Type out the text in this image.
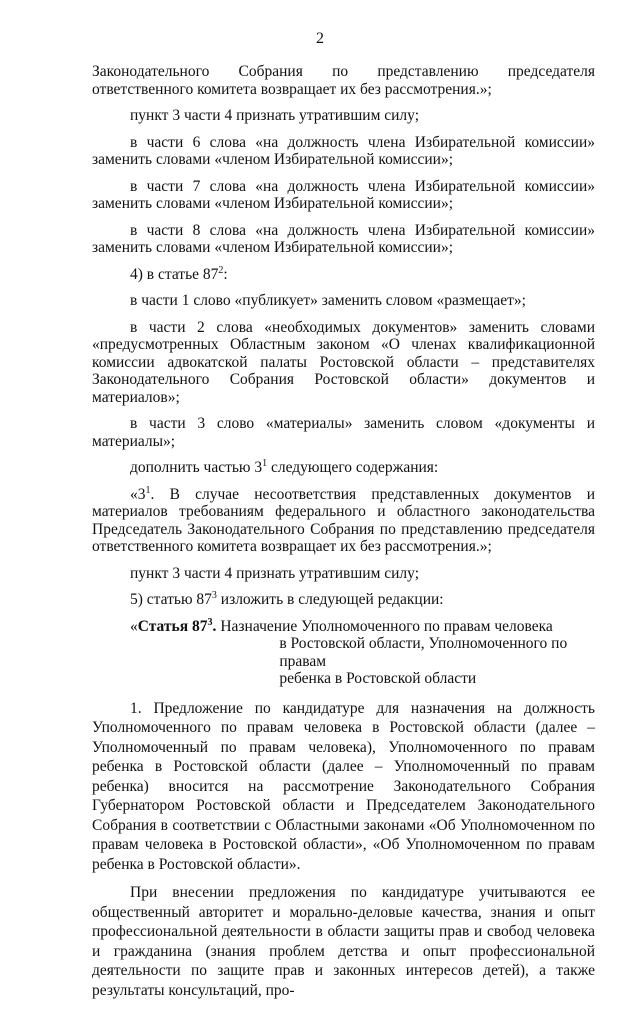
2

Законодательного Собрания по представлению председателя ответственного комитета возвращает их без рассмотрения.»;

пункт 3 части 4 признать утратившим силу;

в части 6 слова «на должность члена Избирательной комиссии» заменить словами «членом Избирательной комиссии»;

в части 7 слова «на должность члена Избирательной комиссии» заменить словами «членом Избирательной комиссии»;

в части 8 слова «на должность члена Избирательной комиссии» заменить словами «членом Избирательной комиссии»;

4) в статье $87^2$:

в части 1 слово «публикует» заменить словом «размещает»;

в части 2 слова «необходимых документов» заменить словами «предусмотренных Областным законом «О членах квалификационной комиссии адвокатской палаты Ростовской области – представителях Законодательного Собрания Ростовской области» документов и материалов»;

в части 3 слово «материалы» заменить словом «документы и материалы»;

дополнить частью $3^1$ следующего содержания:

«$3^1$. В случае несоответствия представленных документов и материалов требованиям федерального и областного законодательства Председатель Законодательного Собрания по представлению председателя ответственного комитета возвращает их без рассмотрения.»;

пункт 3 части 4 признать утратившим силу;

5) статью $87^3$ изложить в следующей редакции:

«Статья $87^3$. Назначение Уполномоченного по правам человека
в Ростовской области, Уполномоченного по правам
ребенка в Ростовской области

1. Предложение по кандидатуре для назначения на должность Уполномоченного по правам человека в Ростовской области (далее – Уполномоченный по правам человека), Уполномоченного по правам ребенка в Ростовской области (далее – Уполномоченный по правам ребенка) вносится на рассмотрение Законодательного Собрания Губернатором Ростовской области и Председателем Законодательного Собрания в соответствии с Областными законами «Об Уполномоченном по правам человека в Ростовской области», «Об Уполномоченном по правам ребенка в Ростовской области».

При внесении предложения по кандидатуре учитываются ее общественный авторитет и морально-деловые качества, знания и опыт профессиональной деятельности в области защиты прав и свобод человека и гражданина (знания проблем детства и опыт профессиональной деятельности по защите прав и законных интересов детей), а также результаты консультаций, про-
